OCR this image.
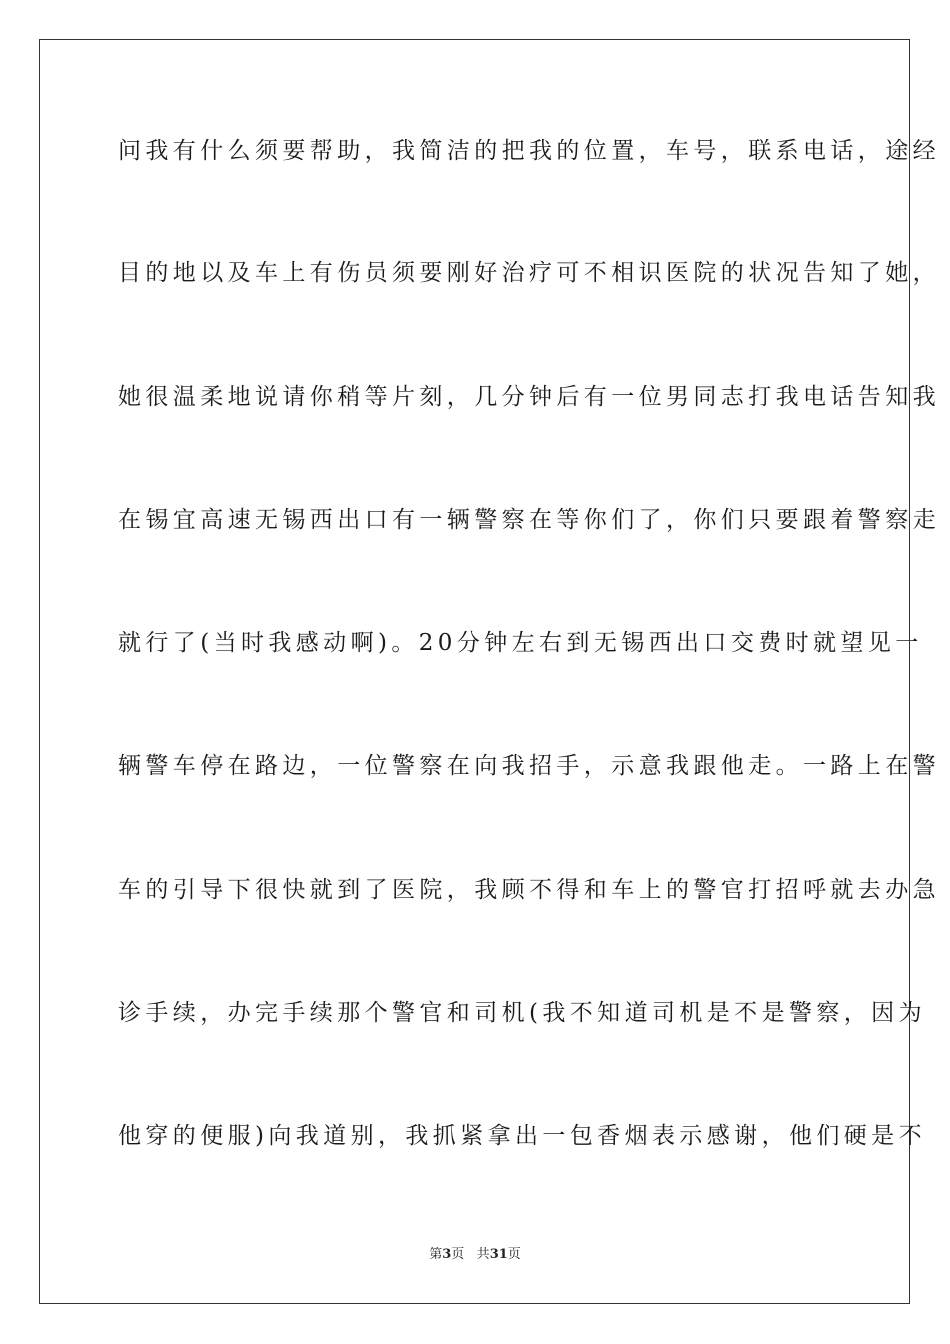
问我有什么须要帮助，我简洁的把我的位置，车号，联系电话，途经
目的地以及车上有伤员须要刚好治疗可不相识医院的状况告知了她，
她很温柔地说请你稍等片刻，几分钟后有一位男同志打我电话告知我
在锡宜高速无锡西出口有一辆警察在等你们了，你们只要跟着警察走
就行了(当时我感动啊)。20分钟左右到无锡西出口交费时就望见一
辆警车停在路边，一位警察在向我招手，示意我跟他走。一路上在警
车的引导下很快就到了医院，我顾不得和车上的警官打招呼就去办急
诊手续，办完手续那个警官和司机(我不知道司机是不是警察，因为
他穿的便服)向我道别，我抓紧拿出一包香烟表示感谢，他们硬是不
第3页 共31页
